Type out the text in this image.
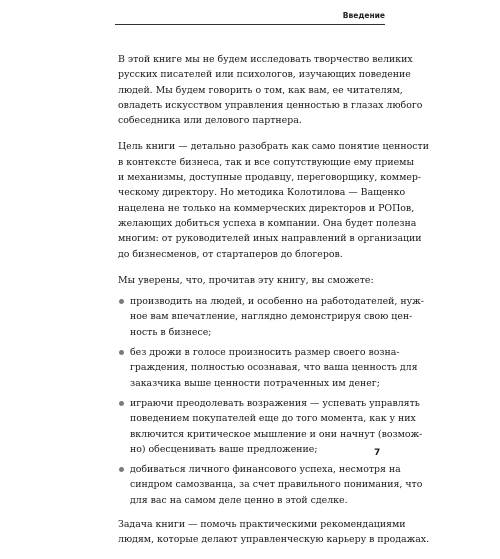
Введение

В этой книге мы не будем исследовать творчество великих
русских писателей или психологов, изучающих поведение
людей. Мы будем говорить о том, как вам, ее читателям,
овладеть искусством управления ценностью в глазах любого
собеседника или делового партнера.

Цель книги — детально разобрать как само понятие ценности
в контексте бизнеса, так и все сопутствующие ему приемы
и механизмы, доступные продавцу, переговорщику, коммер-
ческому директору. Но методика Колотилова — Ващенко
нацелена не только на коммерческих директоров и РОПов,
желающих добиться успеха в компании. Она будет полезна
многим: от руководителей иных направлений в организации
до бизнесменов, от стартаперов до блогеров.

Мы уверены, что, прочитав эту книгу, вы сможете:

производить на людей, и особенно на работодателей, нуж-
ное вам впечатление, наглядно демонстрируя свою цен-
ность в бизнесе;
без дрожи в голосе произносить размер своего возна-
граждения, полностью осознавая, что ваша ценность для
заказчика выше ценности потраченных им денег;
играючи преодолевать возражения — успевать управлять
поведением покупателей еще до того момента, как у них
включится критическое мышление и они начнут (возмож-
но) обесценивать ваше предложение;
добиваться личного финансового успеха, несмотря на
синдром самозванца, за счет правильного понимания, что
для вас на самом деле ценно в этой сделке.

Задача книги — помочь практическими рекомендациями
людям, которые делают управленческую карьеру в продажах.

7
